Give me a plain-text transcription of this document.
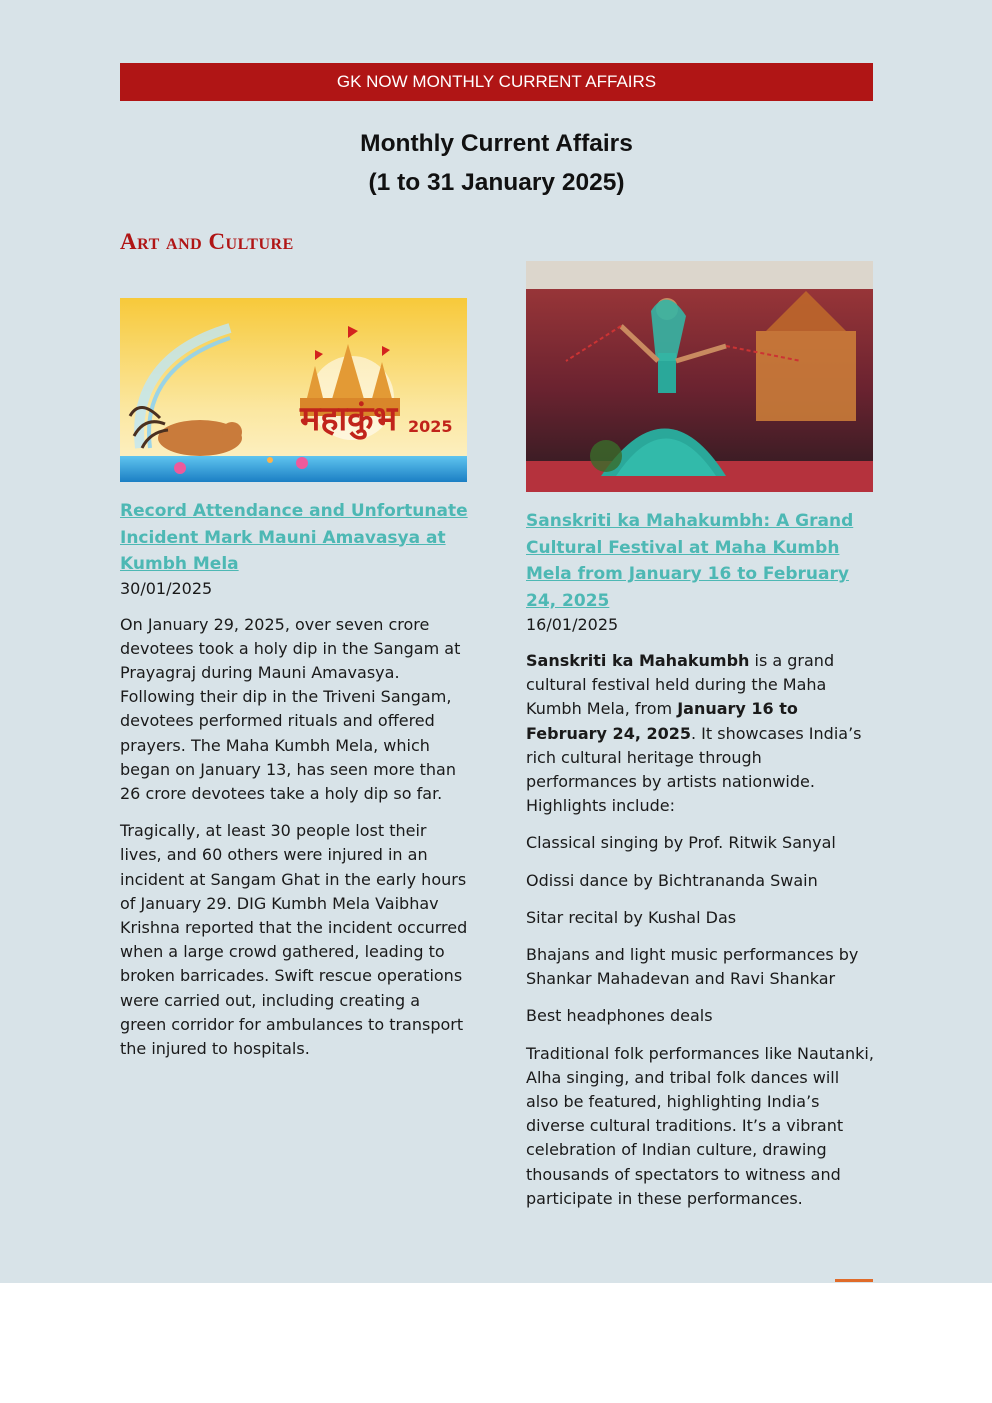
GK NOW MONTHLY CURRENT AFFAIRS
Monthly Current Affairs
(1 to 31 January 2025)
Art and Culture
महाकुंभ 2025
Record Attendance and Unfortunate Incident Mark Mauni Amavasya at Kumbh Mela
30/01/2025

On January 29, 2025, over seven crore devotees took a holy dip in the Sangam at Prayagraj during Mauni Amavasya. Following their dip in the Triveni Sangam, devotees performed rituals and offered prayers. The Maha Kumbh Mela, which began on January 13, has seen more than 26 crore devotees take a holy dip so far.

Tragically, at least 30 people lost their lives, and 60 others were injured in an incident at Sangam Ghat in the early hours of January 29. DIG Kumbh Mela Vaibhav Krishna reported that the incident occurred when a large crowd gathered, leading to broken barricades. Swift rescue operations were carried out, including creating a green corridor for ambulances to transport the injured to hospitals.

Sanskriti ka Mahakumbh: A Grand Cultural Festival at Maha Kumbh Mela from January 16 to February 24, 2025
16/01/2025

Sanskriti ka Mahakumbh is a grand cultural festival held during the Maha Kumbh Mela, from January 16 to February 24, 2025. It showcases India’s rich cultural heritage through performances by artists nationwide. Highlights include:

Classical singing by Prof. Ritwik Sanyal

Odissi dance by Bichtrananda Swain

Sitar recital by Kushal Das

Bhajans and light music performances by Shankar Mahadevan and Ravi Shankar

Best headphones deals

Traditional folk performances like Nautanki, Alha singing, and tribal folk dances will also be featured, highlighting India’s diverse cultural traditions. It’s a vibrant celebration of Indian culture, drawing thousands of spectators to witness and participate in these performances.
